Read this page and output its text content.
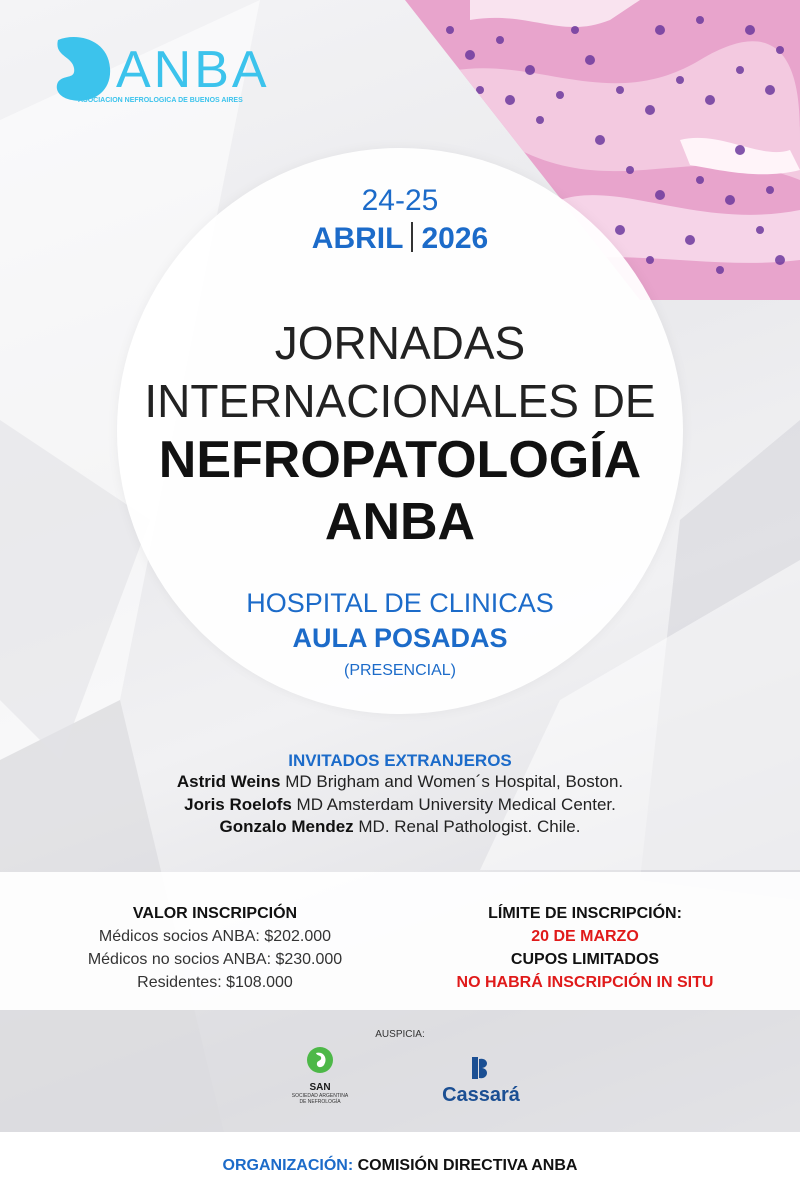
ANBA
ASOCIACION NEFROLOGICA DE BUENOS AIRES
24-25
ABRIL 2026
JORNADAS
INTERNACIONALES DE
NEFROPATOLOGÍA
ANBA
HOSPITAL DE CLINICAS
AULA POSADAS
(PRESENCIAL)
INVITADOS EXTRANJEROS
Astrid Weins MD Brigham and Women´s Hospital, Boston.
Joris Roelofs MD Amsterdam University Medical Center.
Gonzalo Mendez MD. Renal Pathologist. Chile.
VALOR INSCRIPCIÓN
Médicos socios ANBA: $202.000
Médicos no socios ANBA: $230.000
Residentes: $108.000
LÍMITE DE INSCRIPCIÓN:
20 DE MARZO
CUPOS LIMITADOS
NO HABRÁ INSCRIPCIÓN IN SITU
AUSPICIA:
SAN
SOCIEDAD ARGENTINA
DE NEFROLOGÍA	Cassará
ORGANIZACIÓN: COMISIÓN DIRECTIVA ANBA
